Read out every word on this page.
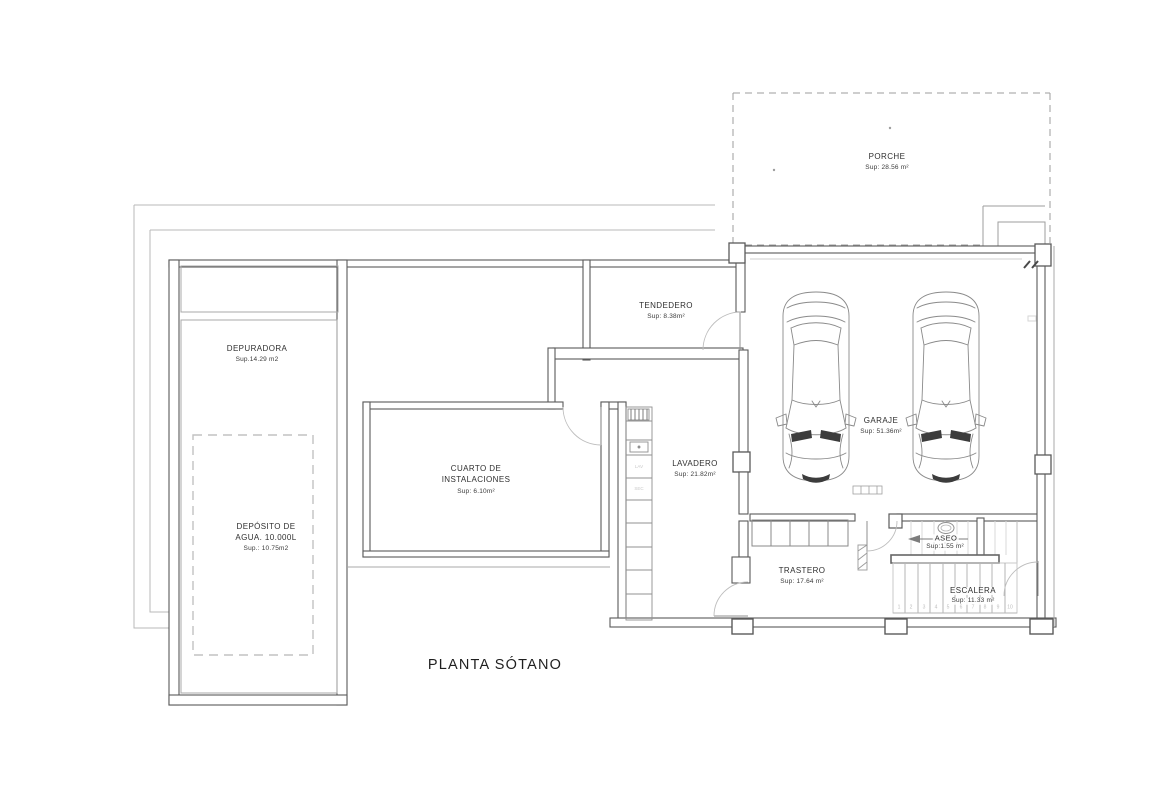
PORCHE
Sup: 28.56 m²
DEPURADORA
Sup.14.29 m2
DEPÓSITO DE
AGUA. 10.000L
Sup.: 10.75m2
TENDEDERO
Sup: 8.38m²
CUARTO DE
INSTALACIONES
Sup: 6.10m²
LAVADERO
Sup: 21.82m²
GARAJE
Sup: 51.36m²
ASEO
Sup:1.55 m²
TRASTERO
Sup: 17.64 m²
ESCALERA
Sup: 11.33 m²
PLANTA SÓTANO
LAV
SEC
1 2 3 4 5 6 7 8 9 10
